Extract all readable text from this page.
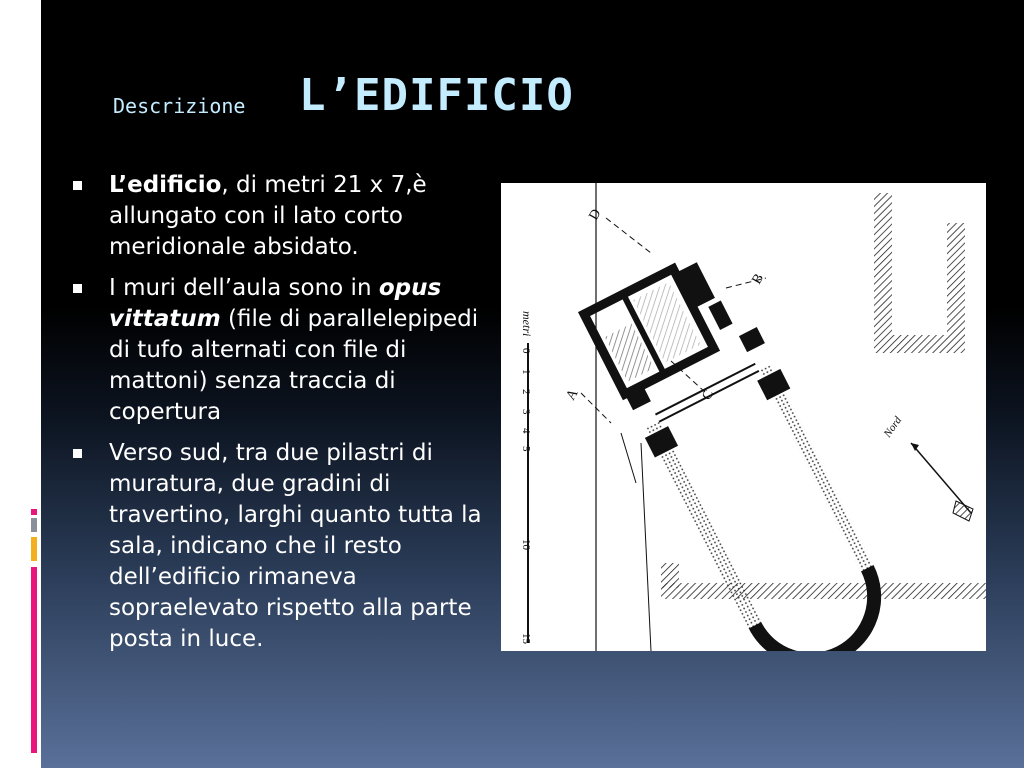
Descrizione L’EDIFICIO
L’edificio, di metri 21 x 7,è allungato con il lato corto meridionale absidato.
I muri dell’aula sono in opus vittatum (file di parallelepipedi di tufo alternati con file di mattoni) senza traccia di copertura
Verso sud, tra due pilastri di muratura, due gradini di travertino, larghi quanto tutta la sala, indicano che il resto dell’edificio rimaneva sopraelevato rispetto alla parte posta in luce.
D
B
A	C
metri
0
1
2
3
4
5
10
15
Nord
